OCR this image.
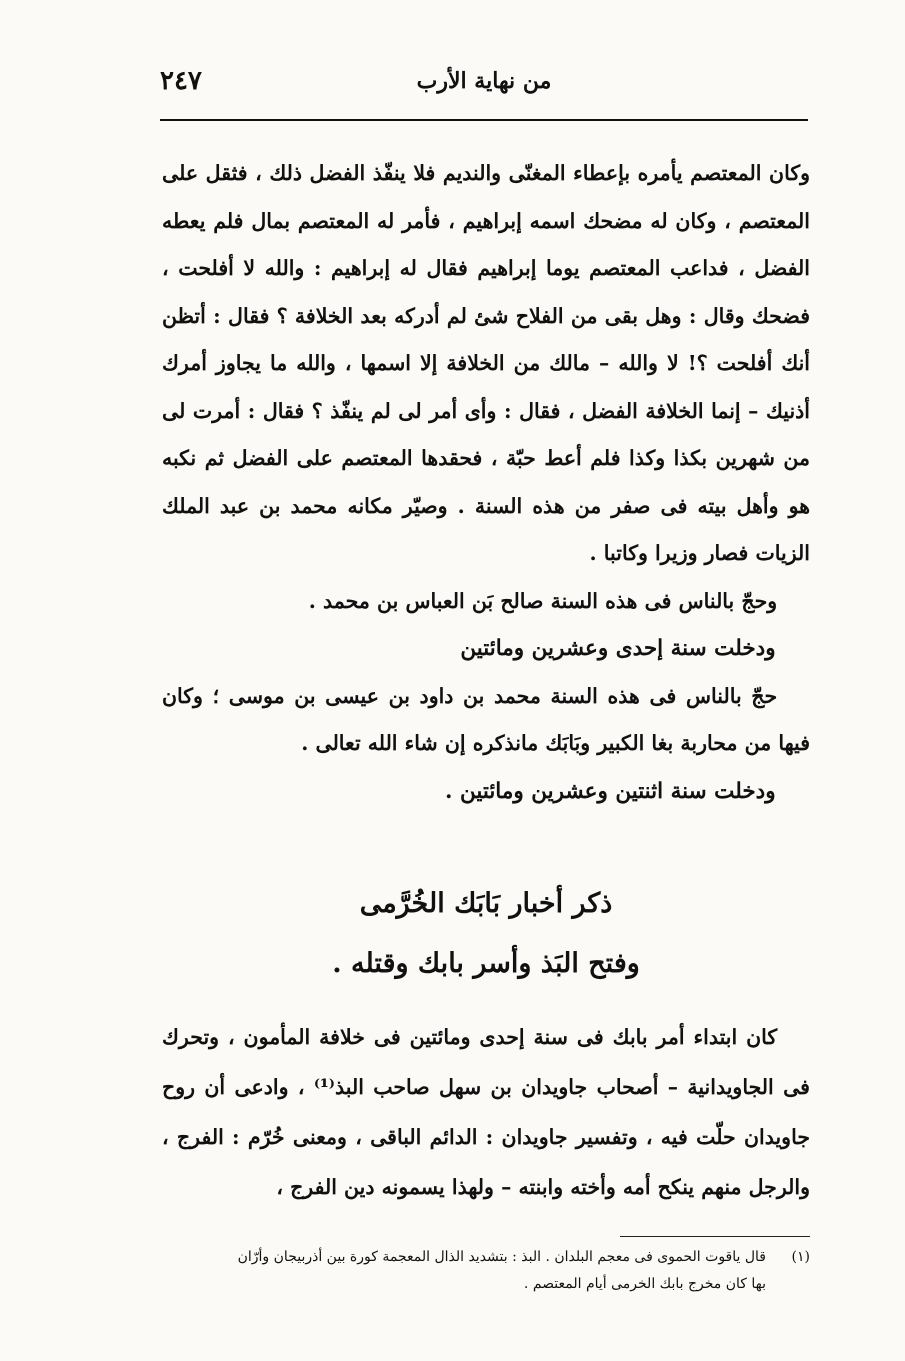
من نهاية الأرب
٢٤٧

وكان المعتصم يأمره بإعطاء المغنّى والنديم فلا ينفّذ الفضل ذلك ، فثقل على المعتصم ، وكان له مضحك اسمه إبراهيم ، فأمر له المعتصم بمال فلم يعطه الفضل ، فداعب المعتصم يوما إبراهيم فقال له إبراهيم : والله لا أفلحت ، فضحك وقال : وهل بقى من الفلاح شئ لم أدركه بعد الخلافة ؟ فقال : أتظن أنك أفلحت ؟! لا والله – مالك من الخلافة إلا اسمها ، والله ما يجاوز أمرك أذنيك – إنما الخلافة الفضل ، فقال : وأى أمر لى لم ينفّذ ؟ فقال : أمرت لى من شهرين بكذا وكذا فلم أعط حبّة ، فحقدها المعتصم على الفضل ثم نكبه هو وأهل بيته فى صفر من هذه السنة . وصيّر مكانه محمد بن عبد الملك الزيات فصار وزيرا وكاتبا .

وحجّ بالناس فى هذه السنة صالح بَن العباس بن محمد .

ودخلت سنة إحدى وعشرين ومائتين

حجّ بالناس فى هذه السنة محمد بن داود بن عيسى بن موسى ؛ وكان فيها من محاربة بغا الكبير وبَابَك مانذكره إن شاء الله تعالى .

ودخلت سنة اثنتين وعشرين ومائتين .

ذكر أخبار بَابَك الخُرَّمى
وفتح البَذ وأسر بابك وقتله .

كان ابتداء أمر بابك فى سنة إحدى ومائتين فى خلافة المأمون ، وتحرك فى الجاويدانية – أصحاب جاويدان بن سهل صاحب البذ⁽¹⁾ ، وادعى أن روح جاويدان حلّت فيه ، وتفسير جاويدان : الدائم الباقى ، ومعنى خُرّم : الفرج ، والرجل منهم ينكح أمه وأخته وابنته – ولهذا يسمونه دين الفرج ،

(١)قال ياقوت الحموى فى معجم البلدان . البذ : بتشديد الذال المعجمة كورة بين أذربيجان وأرّان
بها كان مخرج بابك الخرمى أيام المعتصم .
